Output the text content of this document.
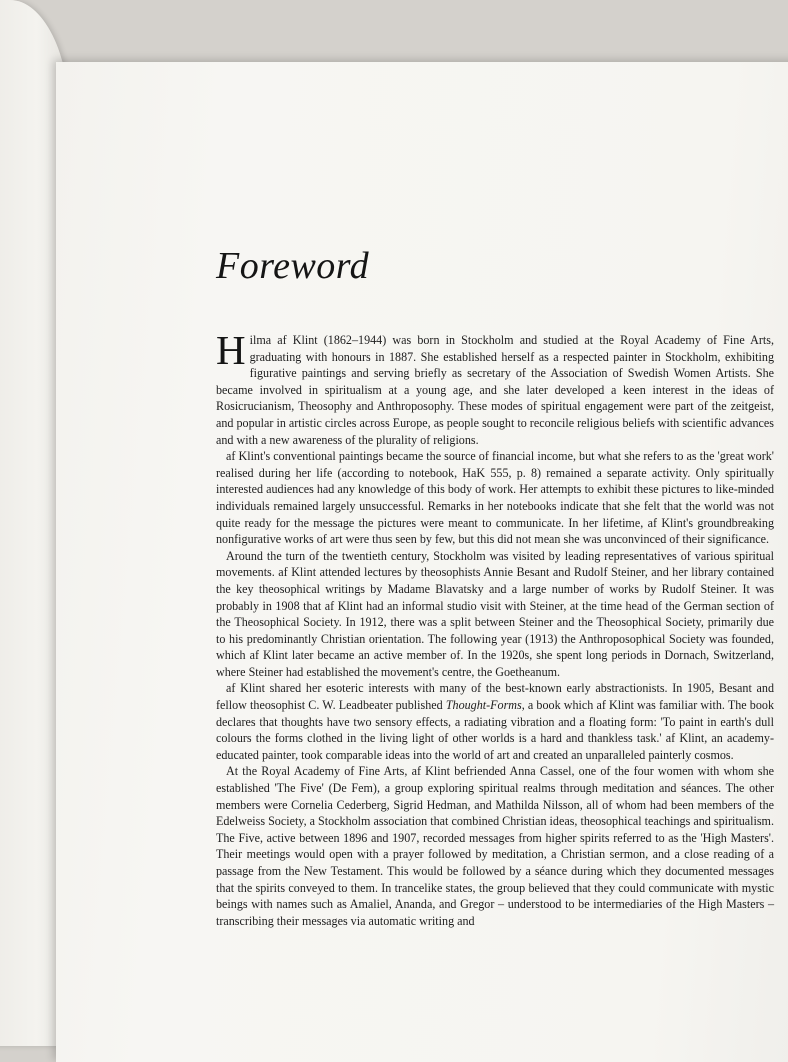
Foreword

Hilma af Klint (1862–1944) was born in Stockholm and studied at the Royal Academy of Fine Arts, graduating with honours in 1887. She established herself as a respected painter in Stockholm, exhibiting figurative paintings and serving briefly as secretary of the Association of Swedish Women Artists. She became involved in spiritualism at a young age, and she later developed a keen interest in the ideas of Rosicrucianism, Theosophy and Anthroposophy. These modes of spiritual engagement were part of the zeitgeist, and popular in artistic circles across Europe, as people sought to reconcile religious beliefs with scientific advances and with a new awareness of the plurality of religions.

af Klint's conventional paintings became the source of financial income, but what she refers to as the 'great work' realised during her life (according to notebook, HaK 555, p. 8) remained a separate activity. Only spiritually interested audiences had any knowledge of this body of work. Her attempts to exhibit these pictures to like-minded individuals remained largely unsuccessful. Remarks in her notebooks indicate that she felt that the world was not quite ready for the message the pictures were meant to communicate. In her lifetime, af Klint's groundbreaking nonfigurative works of art were thus seen by few, but this did not mean she was unconvinced of their significance.

Around the turn of the twentieth century, Stockholm was visited by leading representatives of various spiritual movements. af Klint attended lectures by theosophists Annie Besant and Rudolf Steiner, and her library contained the key theosophical writings by Madame Blavatsky and a large number of works by Rudolf Steiner. It was probably in 1908 that af Klint had an informal studio visit with Steiner, at the time head of the German section of the Theosophical Society. In 1912, there was a split between Steiner and the Theosophical Society, primarily due to his predominantly Christian orientation. The following year (1913) the Anthroposophical Society was founded, which af Klint later became an active member of. In the 1920s, she spent long periods in Dornach, Switzerland, where Steiner had established the movement's centre, the Goetheanum.

af Klint shared her esoteric interests with many of the best-known early abstractionists. In 1905, Besant and fellow theosophist C. W. Leadbeater published Thought-Forms, a book which af Klint was familiar with. The book declares that thoughts have two sensory effects, a radiating vibration and a floating form: 'To paint in earth's dull colours the forms clothed in the living light of other worlds is a hard and thankless task.' af Klint, an academy-educated painter, took comparable ideas into the world of art and created an unparalleled painterly cosmos.

At the Royal Academy of Fine Arts, af Klint befriended Anna Cassel, one of the four women with whom she established 'The Five' (De Fem), a group exploring spiritual realms through meditation and séances. The other members were Cornelia Cederberg, Sigrid Hedman, and Mathilda Nilsson, all of whom had been members of the Edelweiss Society, a Stockholm association that combined Christian ideas, theosophical teachings and spiritualism. The Five, active between 1896 and 1907, recorded messages from higher spirits referred to as the 'High Masters'. Their meetings would open with a prayer followed by meditation, a Christian sermon, and a close reading of a passage from the New Testament. This would be followed by a séance during which they documented messages that the spirits conveyed to them. In trancelike states, the group believed that they could communicate with mystic beings with names such as Amaliel, Ananda, and Gregor – understood to be intermediaries of the High Masters – transcribing their messages via automatic writing and
